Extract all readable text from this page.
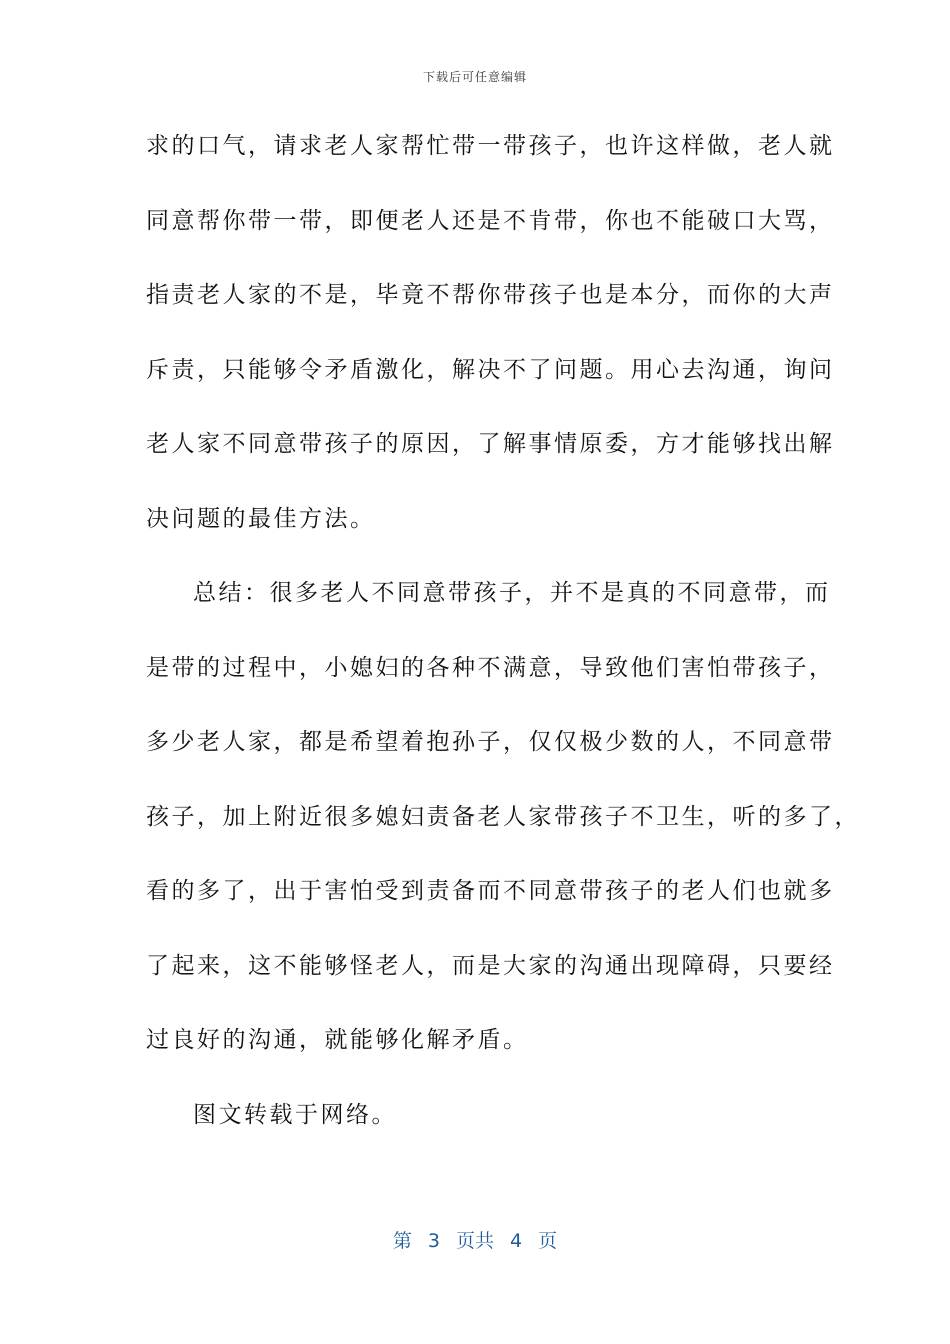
下载后可任意编辑
求的口气，请求老人家帮忙带一带孩子，也许这样做，老人就
同意帮你带一带，即便老人还是不肯带，你也不能破口大骂，
指责老人家的不是，毕竟不帮你带孩子也是本分，而你的大声
斥责，只能够令矛盾激化，解决不了问题。用心去沟通，询问
老人家不同意带孩子的原因，了解事情原委，方才能够找出解
决问题的最佳方法。
总结：很多老人不同意带孩子，并不是真的不同意带，而
是带的过程中，小媳妇的各种不满意，导致他们害怕带孩子，
多少老人家，都是希望着抱孙子，仅仅极少数的人，不同意带
孩子，加上附近很多媳妇责备老人家带孩子不卫生，听的多了，
看的多了，出于害怕受到责备而不同意带孩子的老人们也就多
了起来，这不能够怪老人，而是大家的沟通出现障碍，只要经
过良好的沟通，就能够化解矛盾。
图文转载于网络。
第 3 页共 4 页
